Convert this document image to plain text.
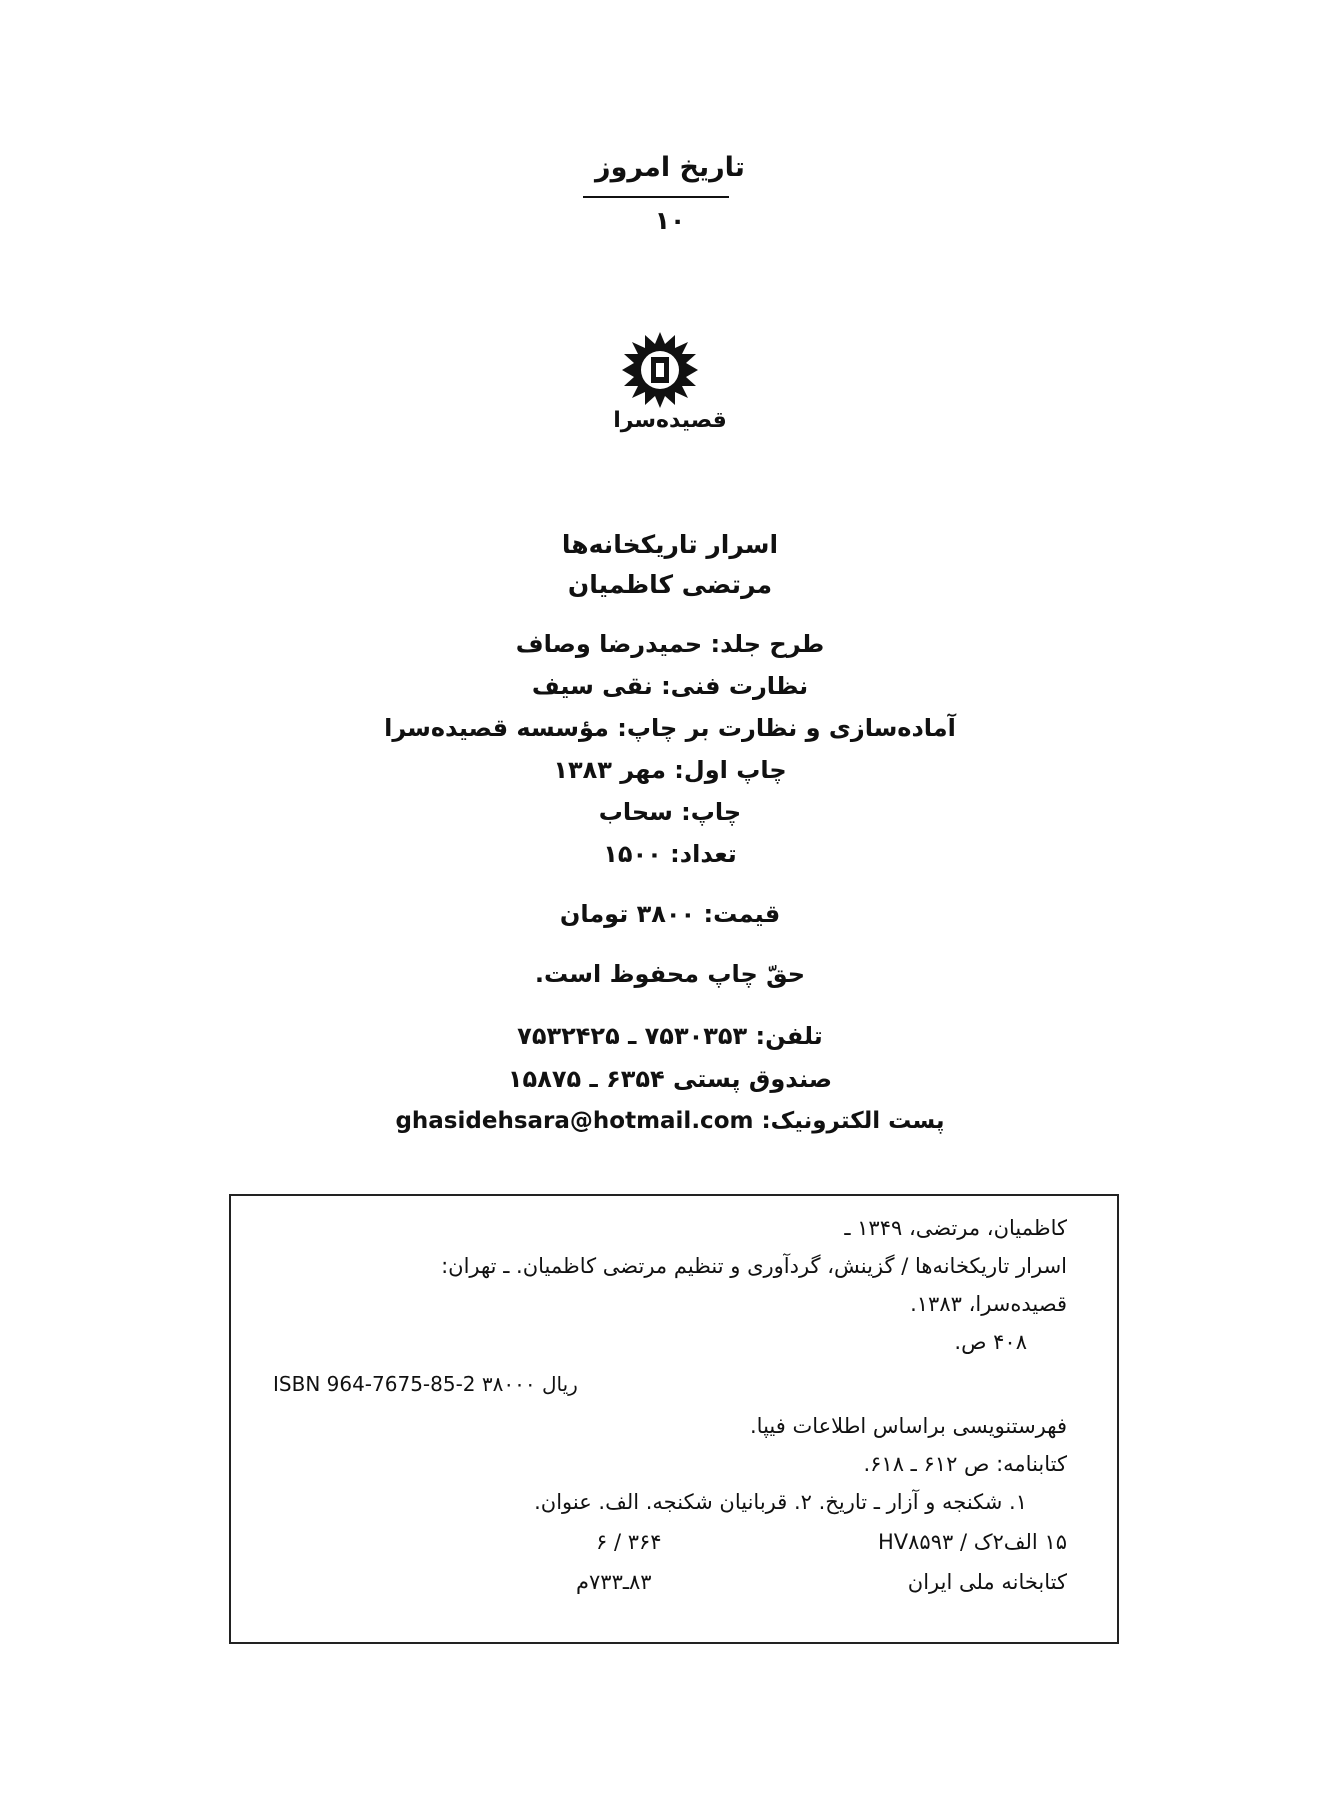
تاریخ امروز
۱۰
قصیده‌سرا
اسرار تاریکخانه‌ها
مرتضی کاظمیان
طرح جلد: حمیدرضا وصاف
نظارت فنی: نقی سیف
آماده‌سازی و نظارت بر چاپ: مؤسسه قصیده‌سرا
چاپ اول: مهر ۱۳۸۳
چاپ: سحاب
تعداد: ۱۵۰۰
قیمت: ۳۸۰۰ تومان
حقّ چاپ محفوظ است.
تلفن: ۷۵۳۰۳۵۳ ـ ۷۵۳۲۴۲۵
صندوق پستی ۶۳۵۴ ـ ۱۵۸۷۵
پست الکترونیک: ghasidehsara@hotmail.com
کاظمیان، مرتضی، ۱۳۴۹ ـ
اسرار تاریکخانه‌ها / گزینش، گردآوری و تنظیم مرتضی کاظمیان. ـ تهران:
قصیده‌سرا، ۱۳۸۳.
۴۰۸ ص.
ISBN 964-7675-85-2 ۳۸۰۰۰ ریال
فهرستنویسی براساس اطلاعات فیپا.
کتابنامه: ص ۶۱۲ ـ ۶۱۸.
۱. شکنجه و آزار ـ تاریخ. ۲. قربانیان شکنجه. الف. عنوان.
۱۵ الف۲ک / HV۸۵۹۳
۳۶۴ / ۶
کتابخانه ملی ایران
۸۳ـ۷۳۳م
